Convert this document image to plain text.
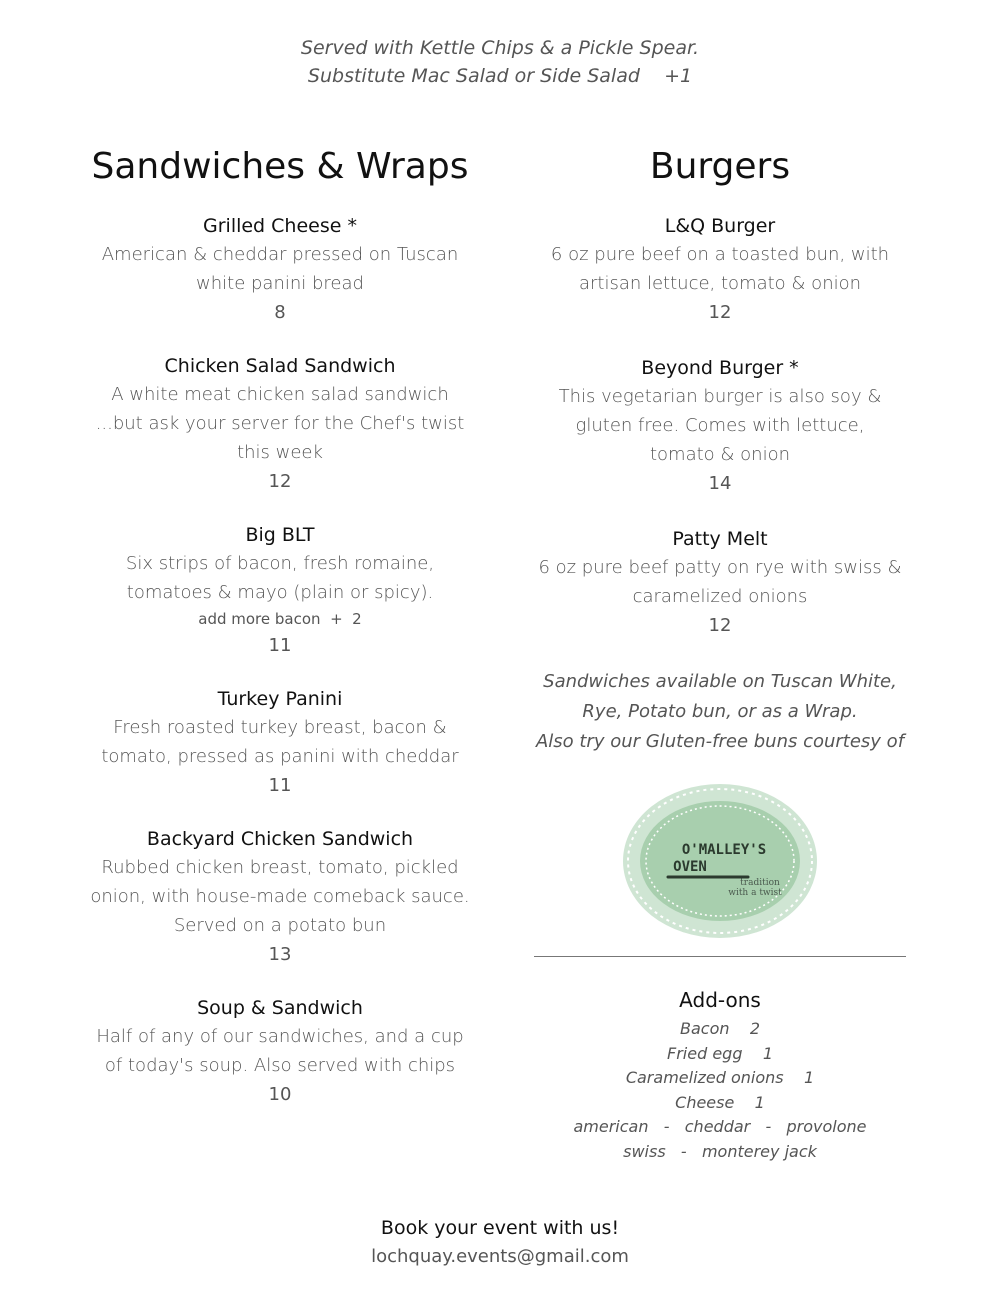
Served with Kettle Chips & a Pickle Spear.
Substitute Mac Salad or Side Salad    +1
Sandwiches & Wraps
Grilled Cheese *
American & cheddar pressed on Tuscan
white panini bread
8
Chicken Salad Sandwich
A white meat chicken salad sandwich
...but ask your server for the Chef's twist
this week
12
Big BLT
Six strips of bacon, fresh romaine,
tomatoes & mayo (plain or spicy).
add more bacon  +  2
11
Turkey Panini
Fresh roasted turkey breast, bacon &
tomato, pressed as panini with cheddar
11
Backyard Chicken Sandwich
Rubbed chicken breast, tomato, pickled
onion, with house-made comeback sauce.
Served on a potato bun
13
Soup & Sandwich
Half of any of our sandwiches, and a cup
of today's soup. Also served with chips
10
Burgers
L&Q Burger
6 oz pure beef on a toasted bun, with
artisan lettuce, tomato & onion
12
Beyond Burger *
This vegetarian burger is also soy &
gluten free. Comes with lettuce,
tomato & onion
14
Patty Melt
6 oz pure beef patty on rye with swiss &
caramelized onions
12
Sandwiches available on Tuscan White,
Rye, Potato bun, or as a Wrap.
Also try our Gluten-free buns courtesy of
O'MALLEY'S
OVEN
tradition
with a twist
Add-ons
Bacon    2
Fried egg    1
Caramelized onions    1
Cheese    1
american   -   cheddar   -   provolone
swiss   -   monterey jack
Book your event with us!
lochquay.events@gmail.com
